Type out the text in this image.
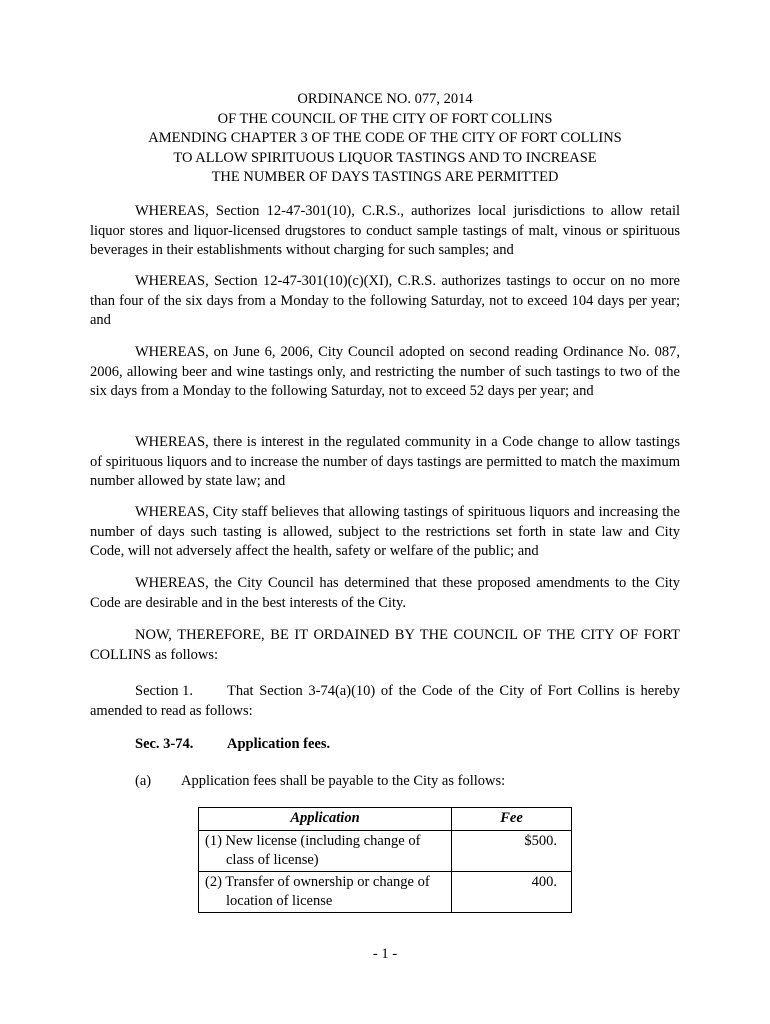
ORDINANCE NO. 077, 2014
OF THE COUNCIL OF THE CITY OF FORT COLLINS
AMENDING CHAPTER 3 OF THE CODE OF THE CITY OF FORT COLLINS
TO ALLOW SPIRITUOUS LIQUOR TASTINGS AND TO INCREASE
THE NUMBER OF DAYS TASTINGS ARE PERMITTED

WHEREAS, Section 12-47-301(10), C.R.S., authorizes local jurisdictions to allow retail liquor stores and liquor-licensed drugstores to conduct sample tastings of malt, vinous or spirituous beverages in their establishments without charging for such samples; and

WHEREAS, Section 12-47-301(10)(c)(XI), C.R.S. authorizes tastings to occur on no more than four of the six days from a Monday to the following Saturday, not to exceed 104 days per year; and

WHEREAS, on June 6, 2006, City Council adopted on second reading Ordinance No. 087, 2006, allowing beer and wine tastings only, and restricting the number of such tastings to two of the six days from a Monday to the following Saturday, not to exceed 52 days per year; and

WHEREAS, there is interest in the regulated community in a Code change to allow tastings of spirituous liquors and to increase the number of days tastings are permitted to match the maximum number allowed by state law; and

WHEREAS, City staff believes that allowing tastings of spirituous liquors and increasing the number of days such tasting is allowed, subject to the restrictions set forth in state law and City Code, will not adversely affect the health, safety or welfare of the public; and

WHEREAS, the City Council has determined that these proposed amendments to the City Code are desirable and in the best interests of the City.

NOW, THEREFORE, BE IT ORDAINED BY THE COUNCIL OF THE CITY OF FORT COLLINS as follows:

Section 1. That Section 3-74(a)(10) of the Code of the City of Fort Collins is hereby amended to read as follows:
Sec. 3-74. Application fees.
(a) Application fees shall be payable to the City as follows:
Application	Fee

(1) New license (including change of class of license)	$500.

(2) Transfer of ownership or change of location of license	400.
- 1 -
